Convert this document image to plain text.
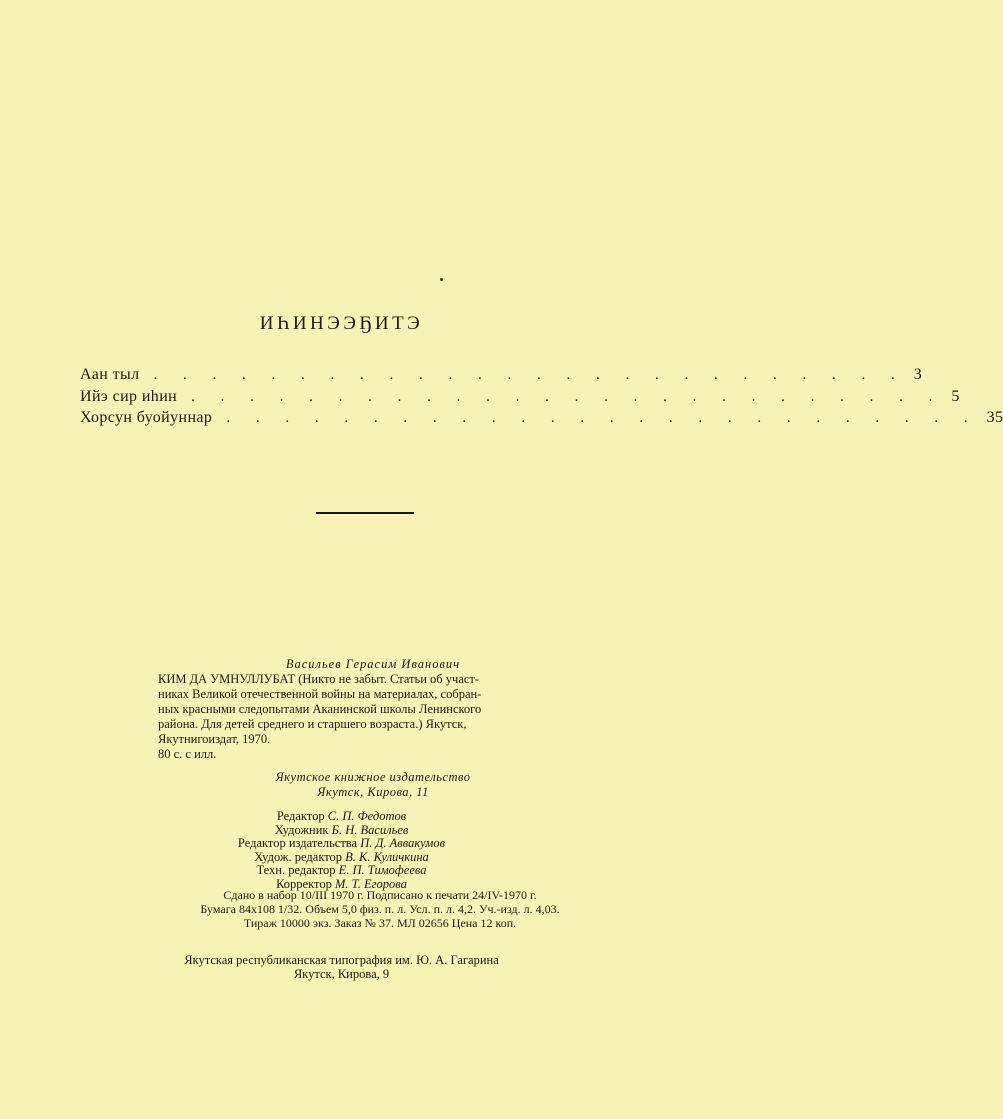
ИҺИНЭЭҔИТЭ
Аан тыл . . . . . . . . . . . . . . . . . . . . . . . . . . 3
Ийэ сир иһин . . . . . . . . . . . . . . . . . . . . . . . . . . 5
Хорсун буойуннар . . . . . . . . . . . . . . . . . . . . . . . . . . 35
Васильев Герасим Иванович
КИМ ДА УМНУЛЛУБАТ (Никто не забыт. Статьи об участ-
никах Великой отечественной войны на материалах, собран-
ных красными следопытами Аканинской школы Ленинского
района. Для детей среднего и старшего возраста.) Якутск,
Якутнигоиздат, 1970.
80 с. с илл.
Якутское книжное издательство
Якутск, Кирова, 11
Редактор С. П. Федотов
Художник Б. Н. Васильев
Редактор издательства П. Д. Аввакумов
Худож. редактор В. К. Куличкина
Техн. редактор Е. П. Тимофеева
Корректор М. Т. Егорова
Сдано в набор 10/III 1970 г. Подписано к печати 24/IV-1970 г.
Бумага 84x108 1/32. Объем 5,0 физ. п. л. Усл. п. л. 4,2. Уч.-изд. л. 4,03.
Тираж 10000 экз. Заказ № 37. МЛ 02656 Цена 12 коп.
Якутская республиканская типография им. Ю. А. Гагарина
Якутск, Кирова, 9
